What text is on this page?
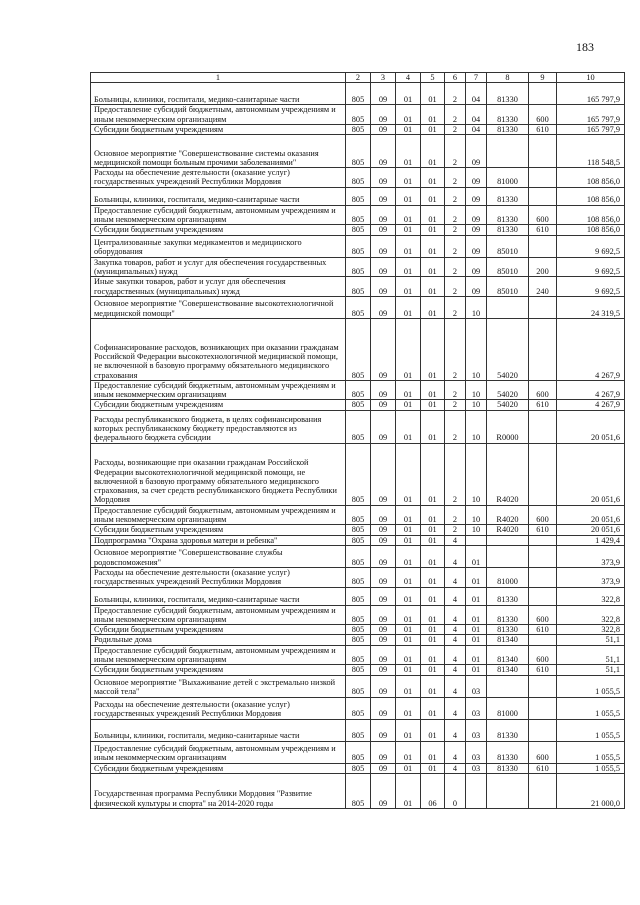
183
1	2	3	4	5	6	7	8	9	10
Больницы, клиники, госпитали, медико-санитарные части	805	09	01	01	2	04	81330		165 797,9
Предоставление субсидий бюджетным, автономным учреждениям и иным некоммерческим организациям	805	09	01	01	2	04	81330	600	165 797,9
Субсидии бюджетным учреждениям	805	09	01	01	2	04	81330	610	165 797,9
Основное мероприятие "Совершенствование системы оказания медицинской помощи больным прочими заболеваниями"	805	09	01	01	2	09			118 548,5
Расходы на обеспечение деятельности (оказание услуг) государственных учреждений Республики Мордовия	805	09	01	01	2	09	81000		108 856,0
Больницы, клиники, госпитали, медико-санитарные части	805	09	01	01	2	09	81330		108 856,0
Предоставление субсидий бюджетным, автономным учреждениям и иным некоммерческим организациям	805	09	01	01	2	09	81330	600	108 856,0
Субсидии бюджетным учреждениям	805	09	01	01	2	09	81330	610	108 856,0
Централизованные закупки медикаментов и медицинского оборудования	805	09	01	01	2	09	85010		9 692,5
Закупка товаров, работ и услуг для обеспечения государственных (муниципальных) нужд	805	09	01	01	2	09	85010	200	9 692,5
Иные закупки товаров, работ и услуг для обеспечения государственных (муниципальных) нужд	805	09	01	01	2	09	85010	240	9 692,5
Основное мероприятие "Совершенствование высокотехнологичной медицинской помощи"	805	09	01	01	2	10			24 319,5
Софинансирование расходов, возникающих при оказании гражданам Российской Федерации высокотехнологичной медицинской помощи, не включенной в базовую программу обязательного медицинского страхования	805	09	01	01	2	10	54020		4 267,9
Предоставление субсидий бюджетным, автономным учреждениям и иным некоммерческим организациям	805	09	01	01	2	10	54020	600	4 267,9
Субсидии бюджетным учреждениям	805	09	01	01	2	10	54020	610	4 267,9
Расходы республиканского бюджета, в целях софинансирования которых республиканскому бюджету предоставляются из федерального бюджета субсидии	805	09	01	01	2	10	R0000		20 051,6
Расходы, возникающие при оказании гражданам Российской Федерации высокотехнологичной медицинской помощи, не включенной в базовую программу обязательного медицинского страхования, за счет средств республиканского бюджета Республики Мордовия	805	09	01	01	2	10	R4020		20 051,6
Предоставление субсидий бюджетным, автономным учреждениям и иным некоммерческим организациям	805	09	01	01	2	10	R4020	600	20 051,6
Субсидии бюджетным учреждениям	805	09	01	01	2	10	R4020	610	20 051,6
Подпрограмма "Охрана здоровья матери и ребенка"	805	09	01	01	4				1 429,4
Основное мероприятие "Совершенствование службы родовспоможения"	805	09	01	01	4	01			373,9
Расходы на обеспечение деятельности (оказание услуг) государственных учреждений Республики Мордовия	805	09	01	01	4	01	81000		373,9
Больницы, клиники, госпитали, медико-санитарные части	805	09	01	01	4	01	81330		322,8
Предоставление субсидий бюджетным, автономным учреждениям и иным некоммерческим организациям	805	09	01	01	4	01	81330	600	322,8
Субсидии бюджетным учреждениям	805	09	01	01	4	01	81330	610	322,8
Родильные дома	805	09	01	01	4	01	81340		51,1
Предоставление субсидий бюджетным, автономным учреждениям и иным некоммерческим организациям	805	09	01	01	4	01	81340	600	51,1
Субсидии бюджетным учреждениям	805	09	01	01	4	01	81340	610	51,1
Основное мероприятие "Выхаживание детей с экстремально низкой массой тела"	805	09	01	01	4	03			1 055,5
Расходы на обеспечение деятельности (оказание услуг) государственных учреждений Республики Мордовия	805	09	01	01	4	03	81000		1 055,5
Больницы, клиники, госпитали, медико-санитарные части	805	09	01	01	4	03	81330		1 055,5
Предоставление субсидий бюджетным, автономным учреждениям и иным некоммерческим организациям	805	09	01	01	4	03	81330	600	1 055,5
Субсидии бюджетным учреждениям	805	09	01	01	4	03	81330	610	1 055,5
Государственная программа Республики Мордовия "Развитие физической культуры и спорта" на 2014-2020 годы	805	09	01	06	0				21 000,0
